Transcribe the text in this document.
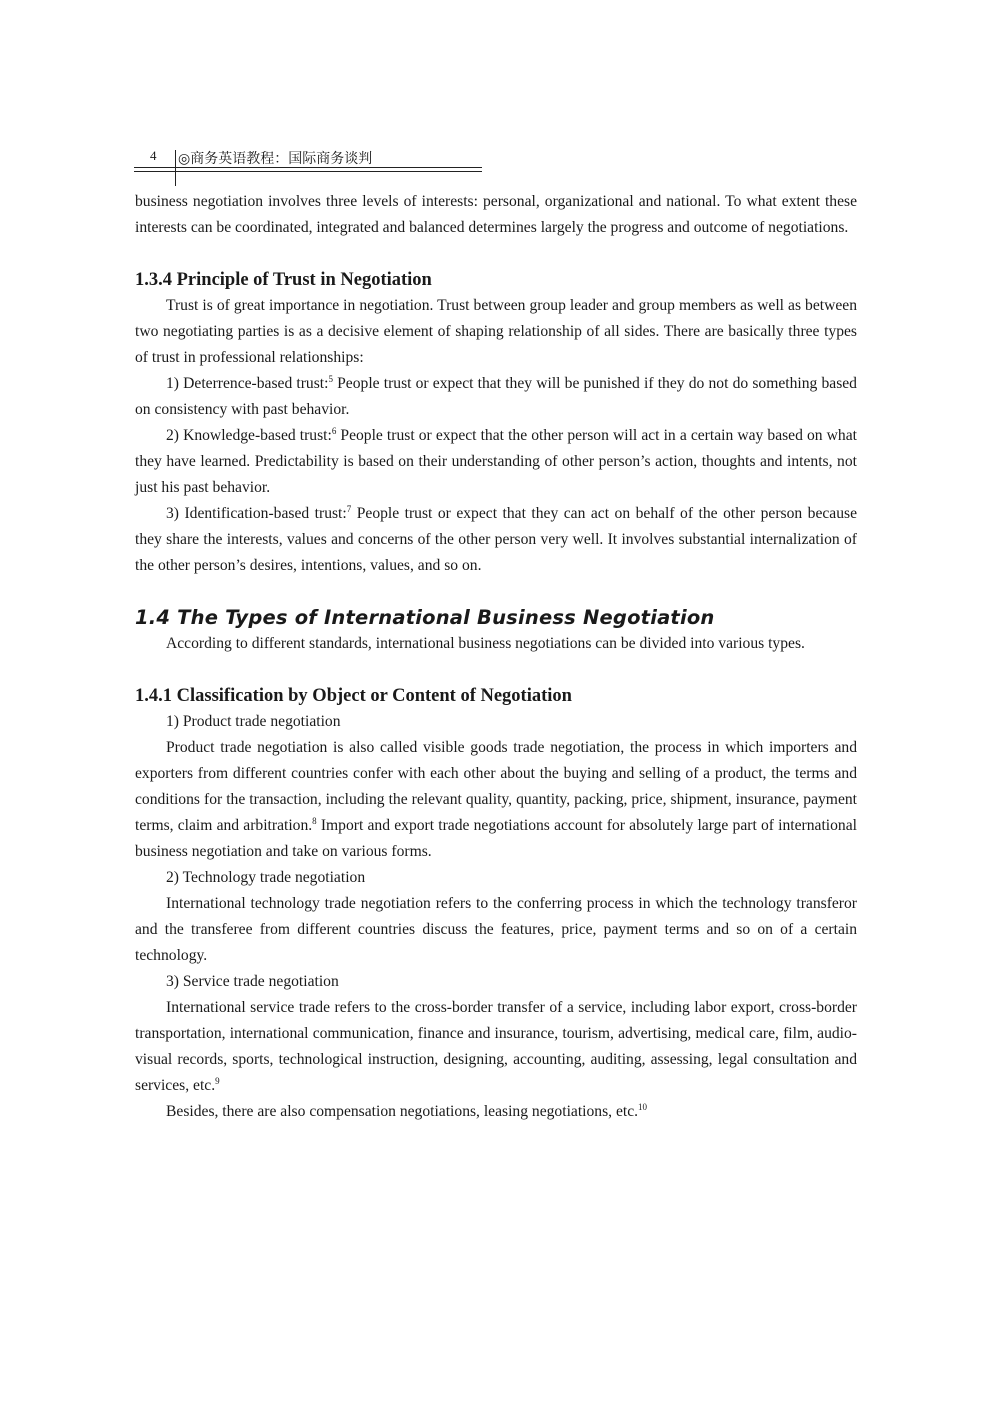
4 ◎商务英语教程：国际商务谈判

business negotiation involves three levels of interests: personal, organizational and national. To what extent these interests can be coordinated, integrated and balanced determines largely the progress and outcome of negotiations.

1.3.4 Principle of Trust in Negotiation

Trust is of great importance in negotiation. Trust between group leader and group members as well as between two negotiating parties is as a decisive element of shaping relationship of all sides. There are basically three types of trust in professional relationships:

1) Deterrence-based trust:$^5$ People trust or expect that they will be punished if they do not do something based on consistency with past behavior.

2) Knowledge-based trust:$^6$ People trust or expect that the other person will act in a certain way based on what they have learned. Predictability is based on their understanding of other person’s action, thoughts and intents, not just his past behavior.

3) Identification-based trust:$^7$ People trust or expect that they can act on behalf of the other person because they share the interests, values and concerns of the other person very well. It involves substantial internalization of the other person’s desires, intentions, values, and so on.

1.4 The Types of International Business Negotiation

According to different standards, international business negotiations can be divided into various types.

1.4.1 Classification by Object or Content of Negotiation

1) Product trade negotiation

Product trade negotiation is also called visible goods trade negotiation, the process in which importers and exporters from different countries confer with each other about the buying and selling of a product, the terms and conditions for the transaction, including the relevant quality, quantity, packing, price, shipment, insurance, payment terms, claim and arbitration.$^8$ Import and export trade negotiations account for absolutely large part of international business negotiation and take on various forms.

2) Technology trade negotiation

International technology trade negotiation refers to the conferring process in which the technology transferor and the transferee from different countries discuss the features, price, payment terms and so on of a certain technology.

3) Service trade negotiation

International service trade refers to the cross-border transfer of a service, including labor export, cross-border transportation, international communication, finance and insurance, tourism, advertising, medical care, film, audio-visual records, sports, technological instruction, designing, accounting, auditing, assessing, legal consultation and services, etc.$^9$

Besides, there are also compensation negotiations, leasing negotiations, etc.$^{10}$
